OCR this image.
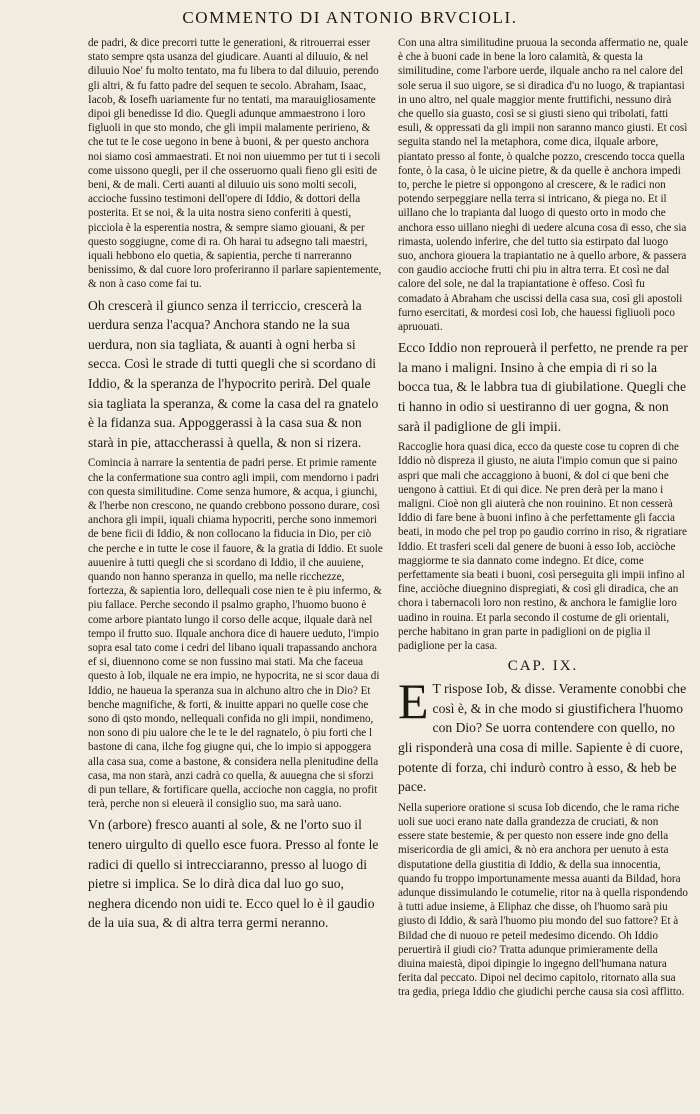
COMMENTO DI ANTONIO BRVCIOLI.

de padri, & dice precorri tutte le generationi, & ritrouerrai esser stato sempre qsta usanza del giudicare. Auanti al diluuio, & nel diluuio Noe' fu molto tentato, ma fu libera to dal diluuio, perendo gli altri, & fu fatto padre del sequen te secolo. Abraham, Isaac, Iacob, & Iosefh uariamente fur no tentati, ma marauigliosamente dipoi gli benedisse Id dio. Quegli adunque ammaestrono i loro figluoli in que sto mondo, che gli impii malamente peririeno, & che tut te le cose uegono in bene à buoni, & per questo anchora noi siamo così ammaestrati. Et noi non uiuemmo per tut ti i secoli come uissono quegli, per il che osseruorno quali fieno gli esiti de beni, & de mali. Certi auanti al diluuio uis sono molti secoli, accioche fussino testimoni dell'opere di Iddio, & dottori della posterita. Et se noi, & la uita nostra sieno conferiti à questi, picciola è la esperentia nostra, & sempre siamo giouani, & per questo soggiugne, come di ra. Oh harai tu adsegno tali maestri, iquali hebbono elo quetia, & sapientia, perche ti narreranno benissimo, & dal cuore loro proferiranno il parlare sapientemente, & non à caso come fai tu.

Oh crescerà il giunco senza il terriccio, crescerà la uerdura senza l'acqua? Anchora stando ne la sua uerdura, non sia tagliata, & auanti à ogni herba si secca. Così le strade di tutti quegli che si scordano di Iddio, & la speranza de l'hypocrito perirà. Del quale sia tagliata la speranza, & come la casa del ra gnatelo è la fidanza sua. Appoggerassi à la casa sua & non starà in pie, attaccherassi à quella, & non si rizera.

Comincia à narrare la sententia de padri perse. Et primie ramente che la confermatione sua contro agli impii, com mendorno i padri con questa similitudine. Come senza humore, & acqua, i giunchi, & l'herbe non crescono, ne quando crebbono possono durare, così anchora gli impii, iquali chiama hypocriti, perche sono inmemori de bene ficii di Iddio, & non collocano la fiducia in Dio, per ciò che perche e in tutte le cose il fauore, & la gratia di Iddio. Et suole auuenire à tutti quegli che si scordano di Iddio, il che auuiene, quando non hanno speranza in quello, ma nelle ricchezze, fortezza, & sapientia loro, dellequali cose nien te è piu infermo, & piu fallace. Perche secondo il psalmo grapho, l'huomo buono è come arbore piantato lungo il corso delle acque, ilquale darà nel tempo il frutto suo. Ilquale anchora dice di hauere ueduto, l'impio sopra esal tato come i cedri del libano iquali trapassando anchora ef si, diuennono come se non fussino mai stati. Ma che faceua questo à Iob, ilquale ne era impio, ne hypocrita, ne si scor daua di Iddio, ne haueua la speranza sua in alchuno altro che in Dio? Et benche magnifiche, & forti, & inuitte appari no quelle cose che sono di qsto mondo, nellequali confida no gli impii, nondimeno, non sono di piu ualore che le te le del ragnatelo, ò piu forti che l bastone di cana, ilche fog giugne qui, che lo impio si appoggera alla casa sua, come a bastone, & considera nella plenitudine della casa, ma non starà, anzi cadrà co quella, & auuegna che si sforzi di pun tellare, & fortificare quella, accioche non caggia, no profit terà, perche non si eleuerà il consiglio suo, ma sarà uano.

Vn (arbore) fresco auanti al sole, & ne l'orto suo il tenero uirgulto di quello esce fuora. Presso al fonte le radici di quello si intrecciaranno, presso al luogo di pietre si implica. Se lo dirà dica dal luo go suo, neghera dicendo non uidi te. Ecco quel lo è il gaudio de la uia sua, & di altra terra germi neranno.

Con una altra similitudine pruoua la seconda affermatio ne, quale è che à buoni cade in bene la loro calamità, & questa la similitudine, come l'arbore uerde, ilquale ancho ra nel calore del sole serua il suo uigore, se si diradica d'u no luogo, & trapiantasi in uno altro, nel quale maggior mente fruttifichi, nessuno dirà che quello sia guasto, così se si giusti sieno qui tribolati, fatti esuli, & oppressati da gli impii non saranno manco giusti. Et così seguita stando nel la metaphora, come dica, ilquale arbore, piantato presso al fonte, ò qualche pozzo, crescendo tocca quella fonte, ò la casa, ò le uicine pietre, & da quelle è anchora impedi to, perche le pietre si oppongono al crescere, & le radici non potendo serpeggiare nella terra si intricano, & piega no. Et il uillano che lo trapianta dal luogo di questo orto in modo che anchora esso uillano nieghi di uedere alcuna cosa di esso, che sia rimasta, uolendo inferire, che del tutto sia estirpato dal luogo suo, anchora giouera la trapiantatio ne à quello arbore, & passera con gaudio accioche frutti chi piu in altra terra. Et così ne dal calore del sole, ne dal la trapiantatione è offeso. Così fu comadato à Abraham che uscissi della casa sua, così gli apostoli furno esercitati, & mordesi così Iob, che hauessi figliuoli poco apruouati.

Ecco Iddio non reprouerà il perfetto, ne prende ra per la mano i maligni. Insino à che empia di ri so la bocca tua, & le labbra tua di giubilatione. Quegli che ti hanno in odio si uestiranno di uer gogna, & non sarà il padiglione de gli impii.

Raccoglie hora quasi dica, ecco da queste cose tu copren di che Iddio nò dispreza il giusto, ne aiuta l'impio comun que si paino aspri que mali che accaggiono à buoni, & dol ci que beni che uengono à cattiui. Et di qui dice. Ne pren derà per la mano i maligni. Cioè non gli aiuterà che non rouinino. Et non cesserà Iddio di fare bene à buoni infino à che perfettamente gli faccia beati, in modo che pel trop po gaudio corrino in riso, & rigratiare Iddio. Et trasferi sceli dal genere de buoni à esso Iob, acciòche maggiorme te sia dannato come indegno. Et dice, come perfettamente sia beati i buoni, così perseguita gli impii infino al fine, acciòche diuegnino dispregiati, & così gli diradica, che an chora i tabernacoli loro non restino, & anchora le famiglie loro uadino in rouina. Et parla secondo il costume de gli orientali, perche habitano in gran parte in padiglioni on de piglia il padiglione per la casa.

CAP. IX.

E T rispose Iob, & disse. Veramente conobbi che così è, & in che modo si giustifichera l'huomo con Dio? Se uorra contendere con quello, no gli risponderà una cosa di mille. Sapiente è di cuore, potente di forza, chi indurò contro à esso, & heb be pace.

Nella superiore oratione si scusa Iob dicendo, che le rama riche uoli sue uoci erano nate dalla grandezza de cruciati, & non essere state bestemie, & per questo non essere inde gno della misericordia de gli amici, & nò era anchora per uenuto à esta disputatione della giustitia di Iddio, & della sua innocentia, quando fu troppo importunamente messa auanti da Bildad, hora adunque dissimulando le cotumelie, ritor na à quella rispondendo à tutti adue insieme, à Eliphaz che disse, oh l'huomo sarà piu giusto di Iddio, & sarà l'huomo piu mondo del suo fattore? Et à Bildad che di nuouo re peteil medesimo dicendo. Oh Iddio peruertirà il giudi cio? Tratta adunque primieramente della diuina maiestà, dipoi dipingie lo ingegno dell'humana natura ferita dal peccato. Dipoi nel decimo capitolo, ritornato alla sua tra gedia, priega Iddio che giudichi perche causa sia così afflitto.
